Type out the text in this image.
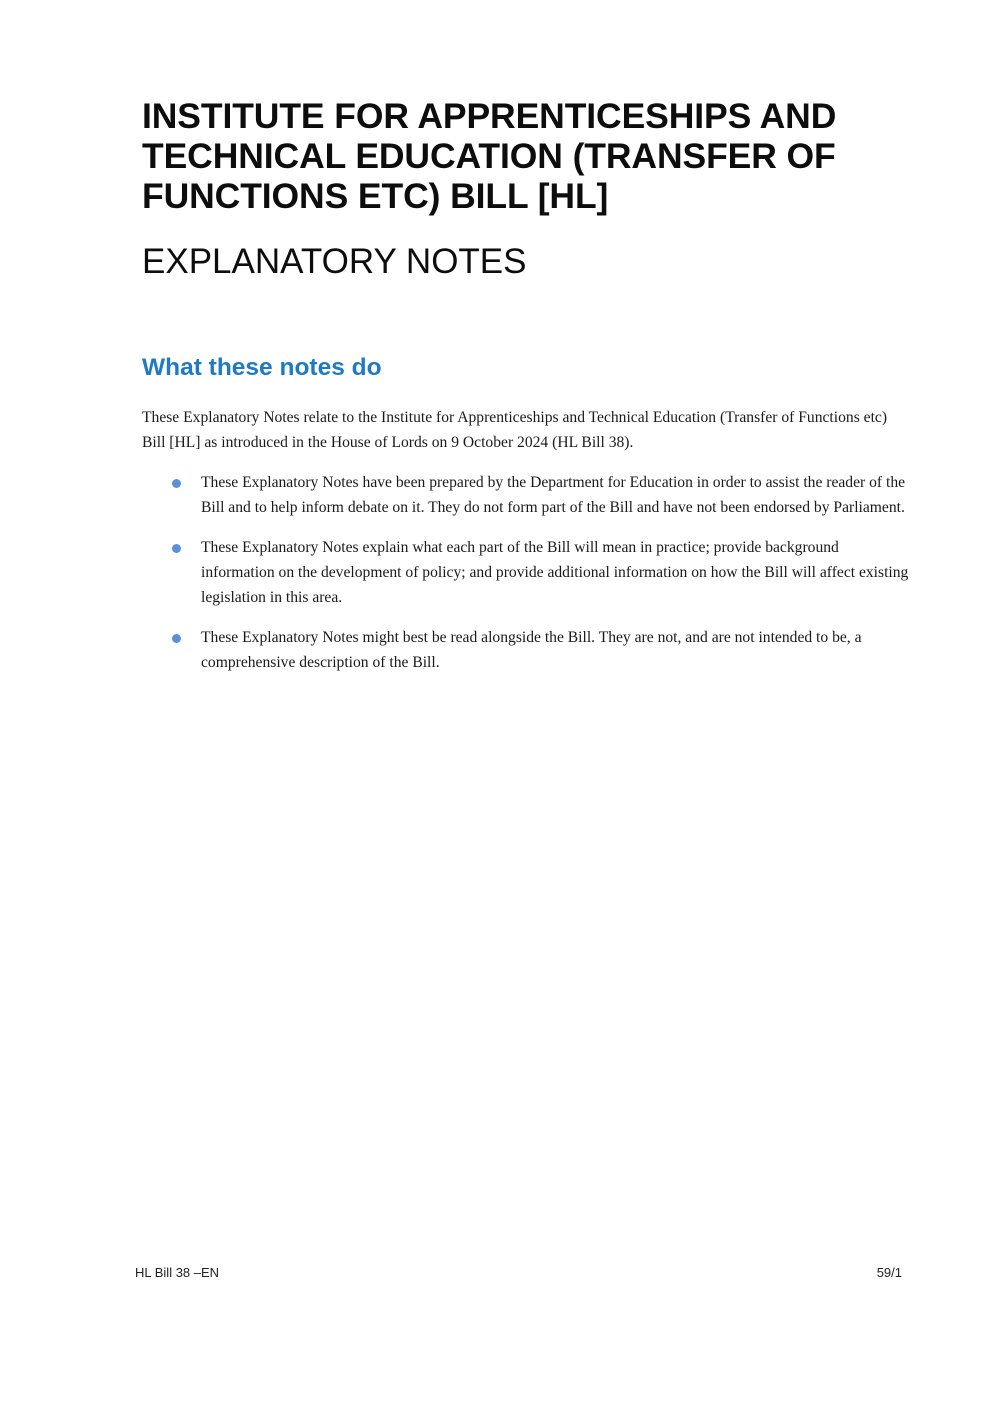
INSTITUTE FOR APPRENTICESHIPS AND TECHNICAL EDUCATION (TRANSFER OF FUNCTIONS ETC) BILL [HL]
EXPLANATORY NOTES
What these notes do

These Explanatory Notes relate to the Institute for Apprenticeships and Technical Education (Transfer of Functions etc) Bill [HL] as introduced in the House of Lords on 9 October 2024 (HL Bill 38).

These Explanatory Notes have been prepared by the Department for Education in order to assist the reader of the Bill and to help inform debate on it. They do not form part of the Bill and have not been endorsed by Parliament.
These Explanatory Notes explain what each part of the Bill will mean in practice; provide background information on the development of policy; and provide additional information on how the Bill will affect existing legislation in this area.
These Explanatory Notes might best be read alongside the Bill. They are not, and are not intended to be, a comprehensive description of the Bill.
HL Bill 38 –EN	59/1
